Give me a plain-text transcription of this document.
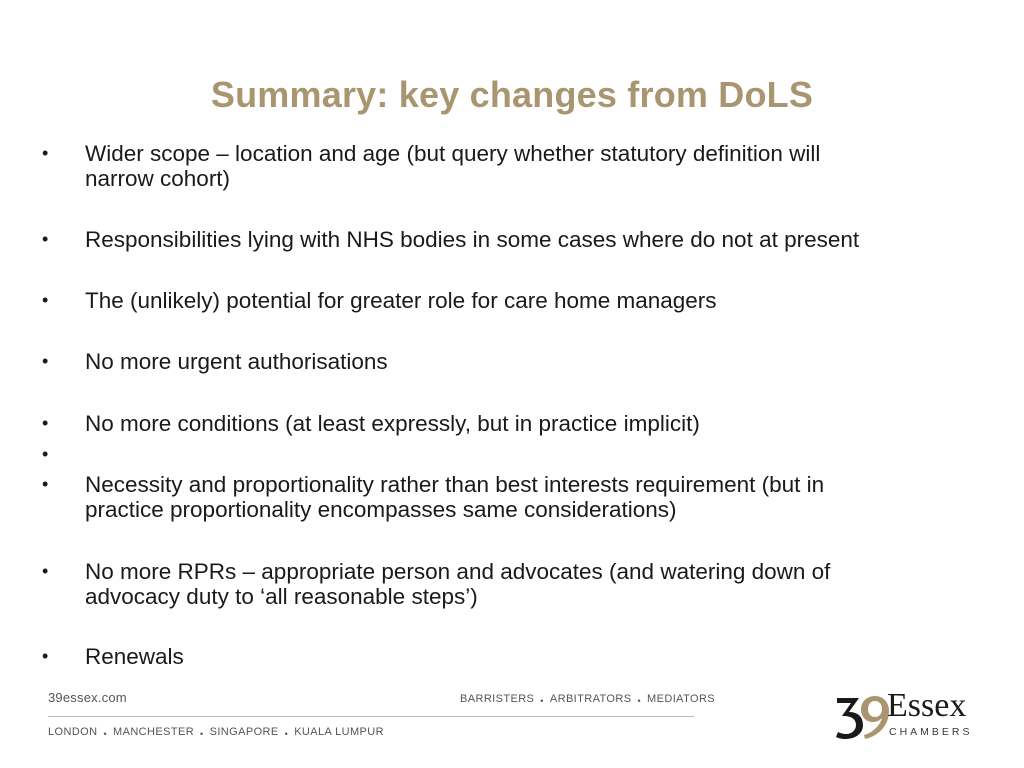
Summary: key changes from DoLS
•	Wider scope – location and age (but query whether statutory definition will
narrow cohort)
•	Responsibilities lying with NHS bodies in some cases where do not at present
•	The (unlikely) potential for greater role for care home managers
•	No more urgent authorisations
•	No more conditions (at least expressly, but in practice implicit)
•
•	Necessity and proportionality rather than best interests requirement (but in
practice proportionality encompasses same considerations)
•	No more RPRs – appropriate person and advocates (and watering down of
advocacy duty to ‘all reasonable steps’)
•	Renewals
39essex.com	BARRISTERS • ARBITRATORS • MEDIATORS
LONDON • MANCHESTER • SINGAPORE • KUALA LUMPUR
Essex
CHAMBERS
